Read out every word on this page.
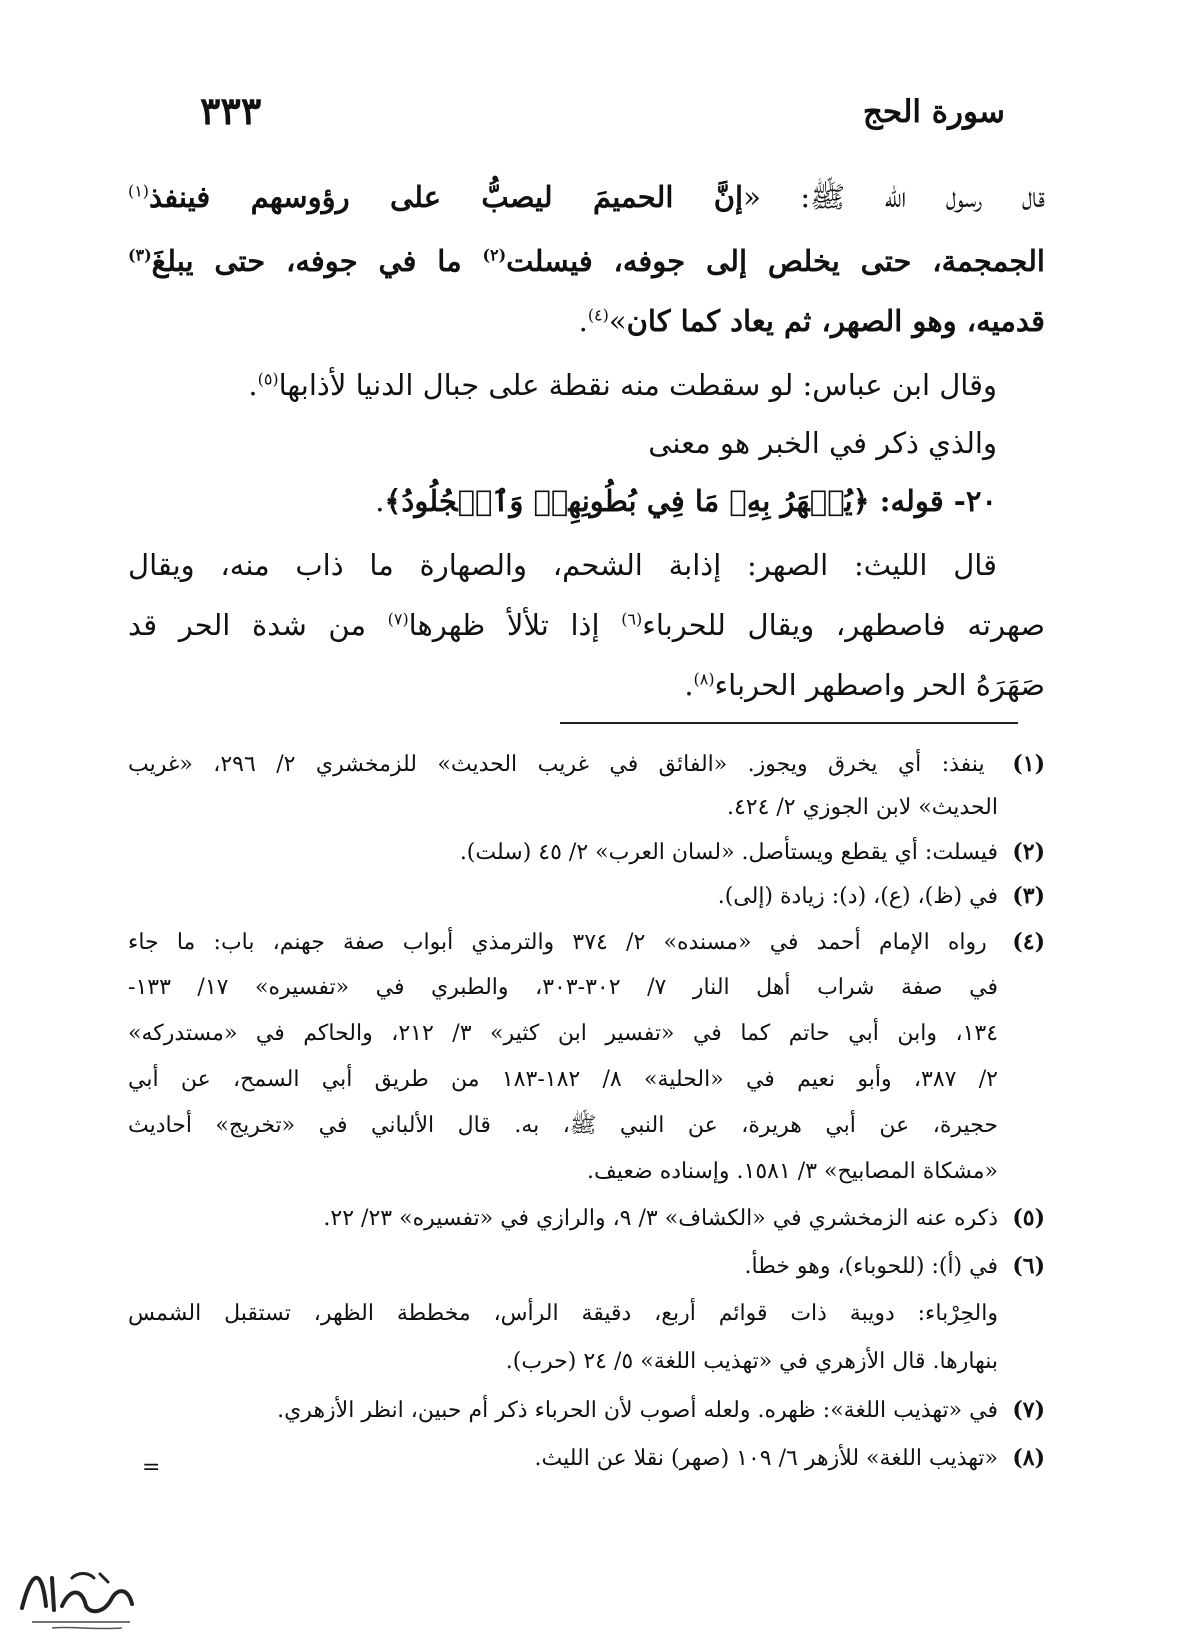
سورة الحج
٣٣٣
قال رسول الله ﷺ: «إنَّ الحميمَ ليصبُّ على رؤوسهم فينفذ$^{(١)}$
الجمجمة، حتى يخلص إلى جوفه، فيسلت$^{(٢)}$ ما في جوفه، حتى يبلغَ$^{(٣)}$
قدميه، وهو الصهر، ثم يعاد كما كان»$^{(٤)}$.
وقال ابن عباس: لو سقطت منه نقطة على جبال الدنيا لأذابها$^{(٥)}$.
والذي ذكر في الخبر هو معنى
٢٠- قوله: ﴿يُصۡهَرُ بِهِۦ مَا فِي بُطُونِهِمۡ وَٱلۡجُلُودُ﴾.
قال الليث: الصهر: إذابة الشحم، والصهارة ما ذاب منه، ويقال
صهرته فاصطهر، ويقال للحرباء$^{(٦)}$ إذا تلألأ ظهرها$^{(٧)}$ من شدة الحر قد
صَهَرَهُ الحر واصطهر الحرباء$^{(٨)}$.
(١) ينفذ: أي يخرق ويجوز. «الفائق في غريب الحديث» للزمخشري ٢/ ٢٩٦، «غريب
الحديث» لابن الجوزي ٢/ ٤٢٤.
(٢) فيسلت: أي يقطع ويستأصل. «لسان العرب» ٢/ ٤٥ (سلت).
(٣) في (ظ)، (ع)، (د): زيادة (إلى).
(٤) رواه الإمام أحمد في «مسنده» ٢/ ٣٧٤ والترمذي أبواب صفة جهنم، باب: ما جاء
في صفة شراب أهل النار ٧/ ٣٠٢-٣٠٣، والطبري في «تفسيره» ١٧/ ١٣٣-
١٣٤، وابن أبي حاتم كما في «تفسير ابن كثير» ٣/ ٢١٢، والحاكم في «مستدركه»
٢/ ٣٨٧، وأبو نعيم في «الحلية» ٨/ ١٨٢-١٨٣ من طريق أبي السمح، عن أبي
حجيرة، عن أبي هريرة، عن النبي ﷺ، به. قال الألباني في «تخريج» أحاديث
«مشكاة المصابيح» ٣/ ١٥٨١. وإسناده ضعيف.
(٥) ذكره عنه الزمخشري في «الكشاف» ٣/ ٩، والرازي في «تفسيره» ٢٣/ ٢٢.
(٦) في (أ): (للحوباء)، وهو خطأ.
والحِرْباء: دويبة ذات قوائم أربع، دقيقة الرأس، مخططة الظهر، تستقبل الشمس
بنهارها. قال الأزهري في «تهذيب اللغة» ٥/ ٢٤ (حرب).
(٧) في «تهذيب اللغة»: ظهره. ولعله أصوب لأن الحرباء ذكر أم حبين، انظر الأزهري.
(٨) «تهذيب اللغة» للأزهر ٦/ ١٠٩ (صهر) نقلا عن الليث.
=
